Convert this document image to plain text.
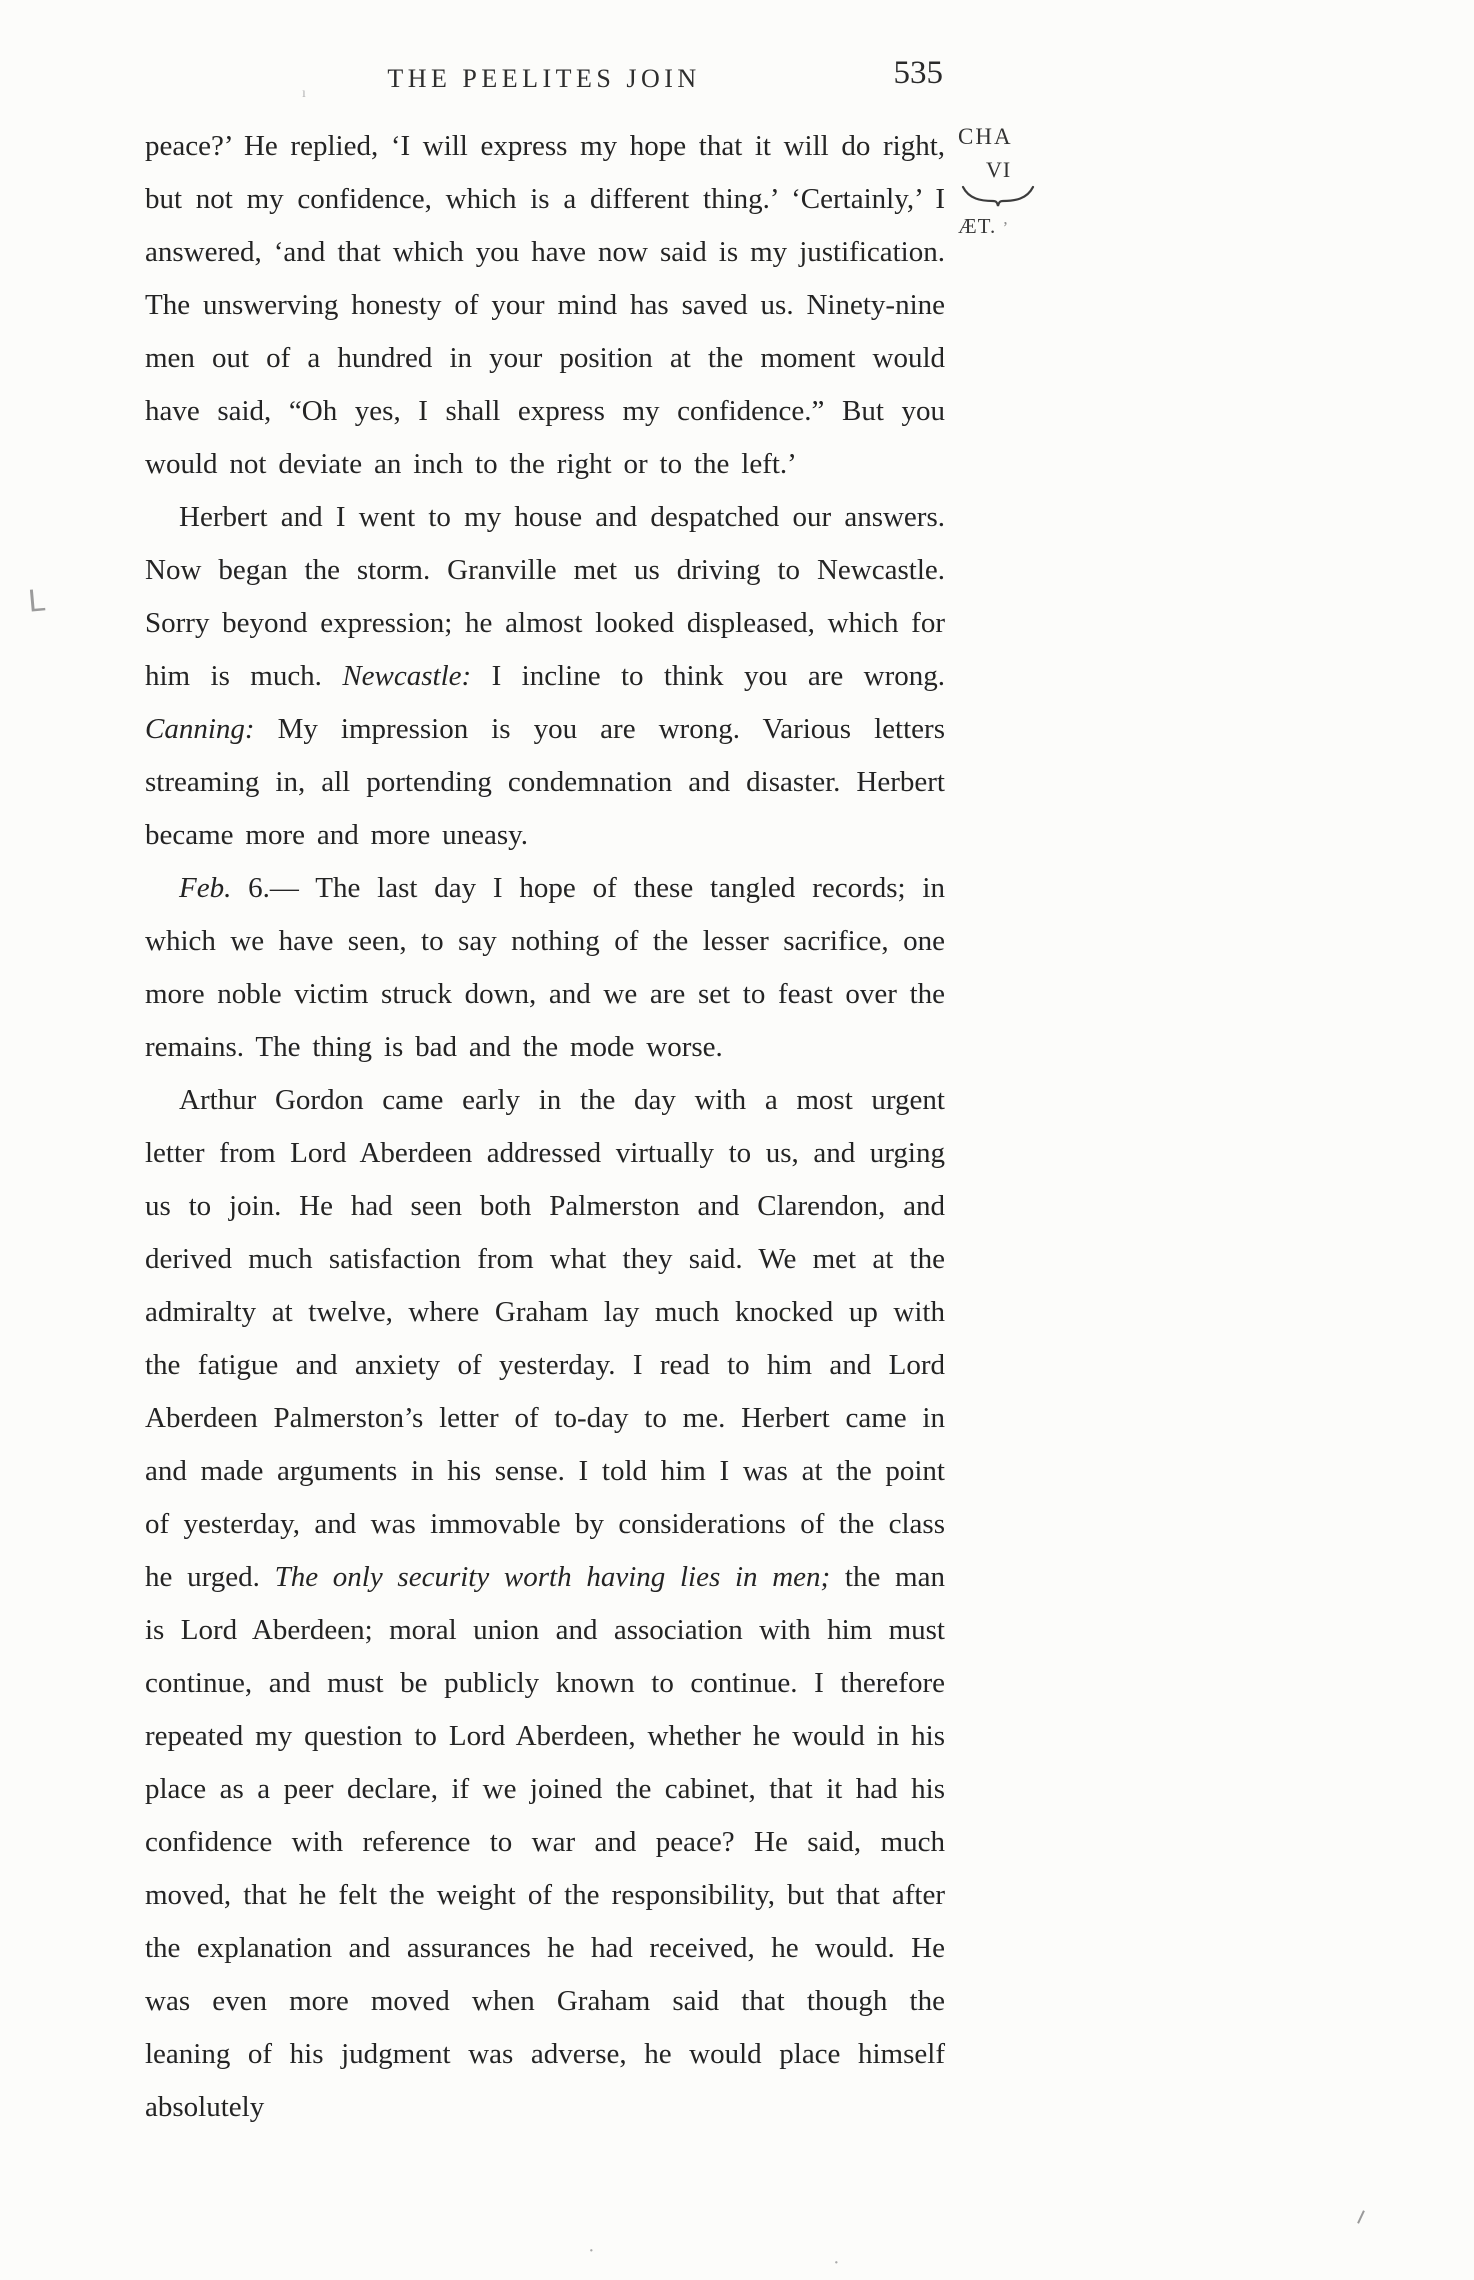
THE PEELITES JOIN	535
CHA
VI
ÆT. ’

peace?’ He replied, ‘I will express my hope that it will do right, but not my confidence, which is a different thing.’ ‘Certainly,’ I answered, ‘and that which you have now said is my justification. The unswerving honesty of your mind has saved us. Ninety-nine men out of a hundred in your position at the moment would have said, “Oh yes, I shall express my confidence.” But you would not deviate an inch to the right or to the left.’

Herbert and I went to my house and despatched our answers. Now began the storm. Granville met us driving to Newcastle. Sorry beyond expression; he almost looked displeased, which for him is much. Newcastle: I incline to think you are wrong. Canning: My impression is you are wrong. Various letters streaming in, all portending condemnation and disaster. Herbert became more and more uneasy.

Feb. 6.— The last day I hope of these tangled records; in which we have seen, to say nothing of the lesser sacrifice, one more noble victim struck down, and we are set to feast over the remains. The thing is bad and the mode worse.

Arthur Gordon came early in the day with a most urgent letter from Lord Aberdeen addressed virtually to us, and urging us to join. He had seen both Palmerston and Clarendon, and derived much satisfaction from what they said. We met at the admiralty at twelve, where Graham lay much knocked up with the fatigue and anxiety of yesterday. I read to him and Lord Aberdeen Palmerston’s letter of to-day to me. Herbert came in and made arguments in his sense. I told him I was at the point of yesterday, and was immovable by considerations of the class he urged. The only security worth having lies in men; the man is Lord Aberdeen; moral union and association with him must continue, and must be publicly known to continue. I therefore repeated my question to Lord Aberdeen, whether he would in his place as a peer declare, if we joined the cabinet, that it had his confidence with reference to war and peace? He said, much moved, that he felt the weight of the responsibility, but that after the explanation and assurances he had received, he would. He was even more moved when Graham said that though the leaning of his judgment was adverse, he would place himself absolutely

L
·
·
ı
